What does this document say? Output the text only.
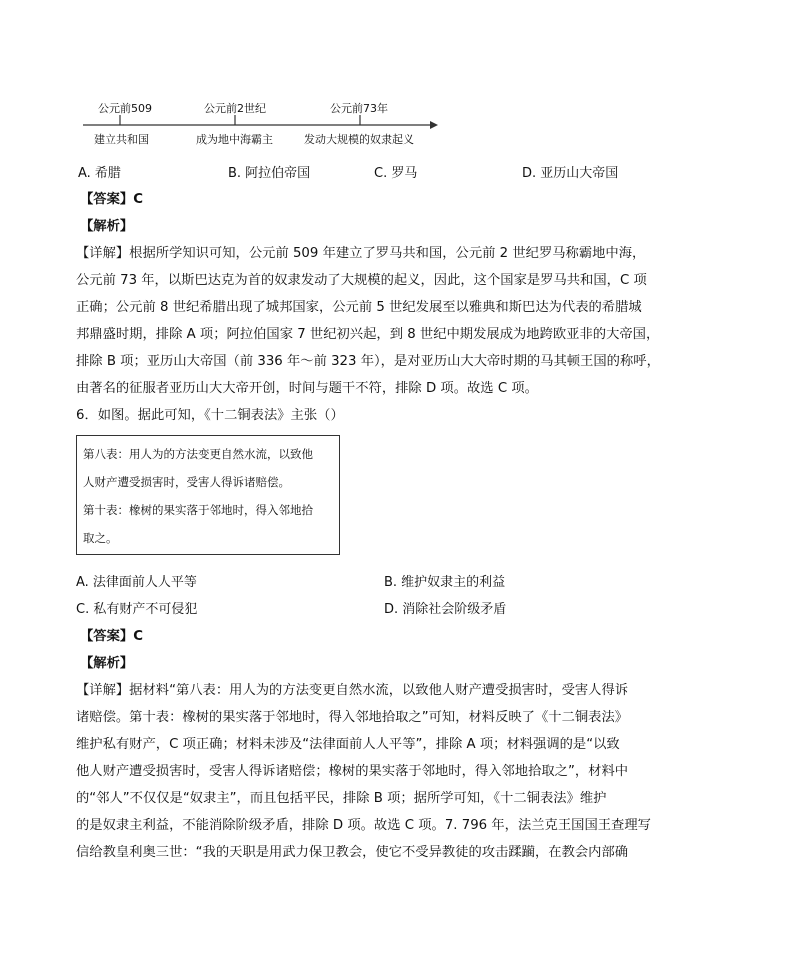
公元前509	公元前2世纪	公元前73年
建立共和国	成为地中海霸主	发动大规模的奴隶起义
A. 希腊	B. 阿拉伯帝国	C. 罗马	D. 亚历山大帝国
【答案】C
【解析】
【详解】根据所学知识可知，公元前 509 年建立了罗马共和国，公元前 2 世纪罗马称霸地中海，
公元前 73 年，以斯巴达克为首的奴隶发动了大规模的起义，因此，这个国家是罗马共和国，C 项
正确；公元前 8 世纪希腊出现了城邦国家，公元前 5 世纪发展至以雅典和斯巴达为代表的希腊城
邦鼎盛时期，排除 A 项；阿拉伯国家 7 世纪初兴起，到 8 世纪中期发展成为地跨欧亚非的大帝国，
排除 B 项；亚历山大帝国（前 336 年～前 323 年），是对亚历山大大帝时期的马其顿王国的称呼，
由著名的征服者亚历山大大帝开创，时间与题干不符，排除 D 项。故选 C 项。
6．如图。据此可知，《十二铜表法》主张（）
第八表：用人为的方法变更自然水流，以致他
人财产遭受损害时，受害人得诉诸赔偿。
第十表：橡树的果实落于邻地时，得入邻地拾
取之。
A. 法律面前人人平等	B. 维护奴隶主的利益
C. 私有财产不可侵犯	D. 消除社会阶级矛盾
【答案】C
【解析】
【详解】据材料“第八表：用人为的方法变更自然水流，以致他人财产遭受损害时，受害人得诉
诸赔偿。第十表：橡树的果实落于邻地时，得入邻地拾取之”可知，材料反映了《十二铜表法》
维护私有财产，C 项正确；材料未涉及“法律面前人人平等”，排除 A 项；材料强调的是“以致
他人财产遭受损害时，受害人得诉诸赔偿；橡树的果实落于邻地时，得入邻地拾取之”，材料中
的“邻人”不仅仅是“奴隶主”，而且包括平民，排除 B 项；据所学可知，《十二铜表法》维护
的是奴隶主利益，不能消除阶级矛盾，排除 D 项。故选 C 项。7. 796 年，法兰克王国国王查理写
信给教皇利奥三世：“我的天职是用武力保卫教会，使它不受异教徒的攻击蹂躏，在教会内部确
